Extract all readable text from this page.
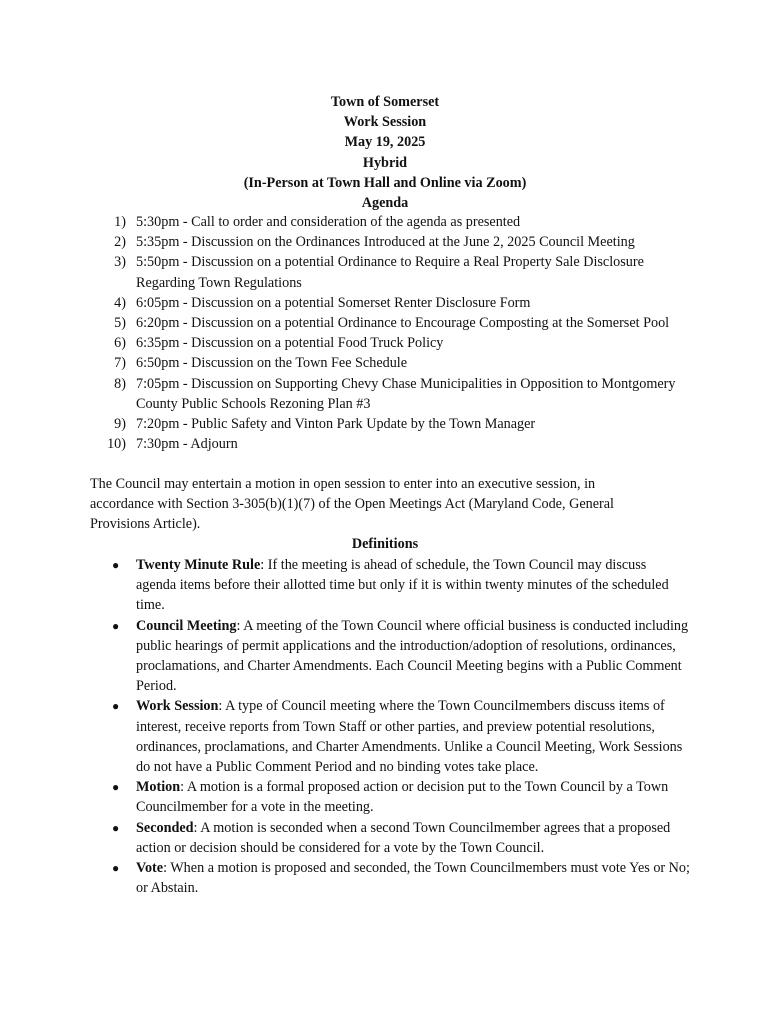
Town of Somerset
Work Session
May 19, 2025
Hybrid
(In-Person at Town Hall and Online via Zoom)
Agenda
1) 5:30pm - Call to order and consideration of the agenda as presented
2) 5:35pm - Discussion on the Ordinances Introduced at the June 2, 2025 Council Meeting
3) 5:50pm - Discussion on a potential Ordinance to Require a Real Property Sale Disclosure Regarding Town Regulations
4) 6:05pm - Discussion on a potential Somerset Renter Disclosure Form
5) 6:20pm - Discussion on a potential Ordinance to Encourage Composting at the Somerset Pool
6) 6:35pm - Discussion on a potential Food Truck Policy
7) 6:50pm - Discussion on the Town Fee Schedule
8) 7:05pm - Discussion on Supporting Chevy Chase Municipalities in Opposition to Montgomery County Public Schools Rezoning Plan #3
9) 7:20pm - Public Safety and Vinton Park Update by the Town Manager
10) 7:30pm - Adjourn
The Council may entertain a motion in open session to enter into an executive session, in accordance with Section 3-305(b)(1)(7) of the Open Meetings Act (Maryland Code, General Provisions Article).
Definitions
● Twenty Minute Rule: If the meeting is ahead of schedule, the Town Council may discuss agenda items before their allotted time but only if it is within twenty minutes of the scheduled time.
● Council Meeting: A meeting of the Town Council where official business is conducted including public hearings of permit applications and the introduction/adoption of resolutions, ordinances, proclamations, and Charter Amendments. Each Council Meeting begins with a Public Comment Period.
● Work Session: A type of Council meeting where the Town Councilmembers discuss items of interest, receive reports from Town Staff or other parties, and preview potential resolutions, ordinances, proclamations, and Charter Amendments. Unlike a Council Meeting, Work Sessions do not have a Public Comment Period and no binding votes take place.
● Motion: A motion is a formal proposed action or decision put to the Town Council by a Town Councilmember for a vote in the meeting.
● Seconded: A motion is seconded when a second Town Councilmember agrees that a proposed action or decision should be considered for a vote by the Town Council.
● Vote: When a motion is proposed and seconded, the Town Councilmembers must vote Yes or No; or Abstain.
